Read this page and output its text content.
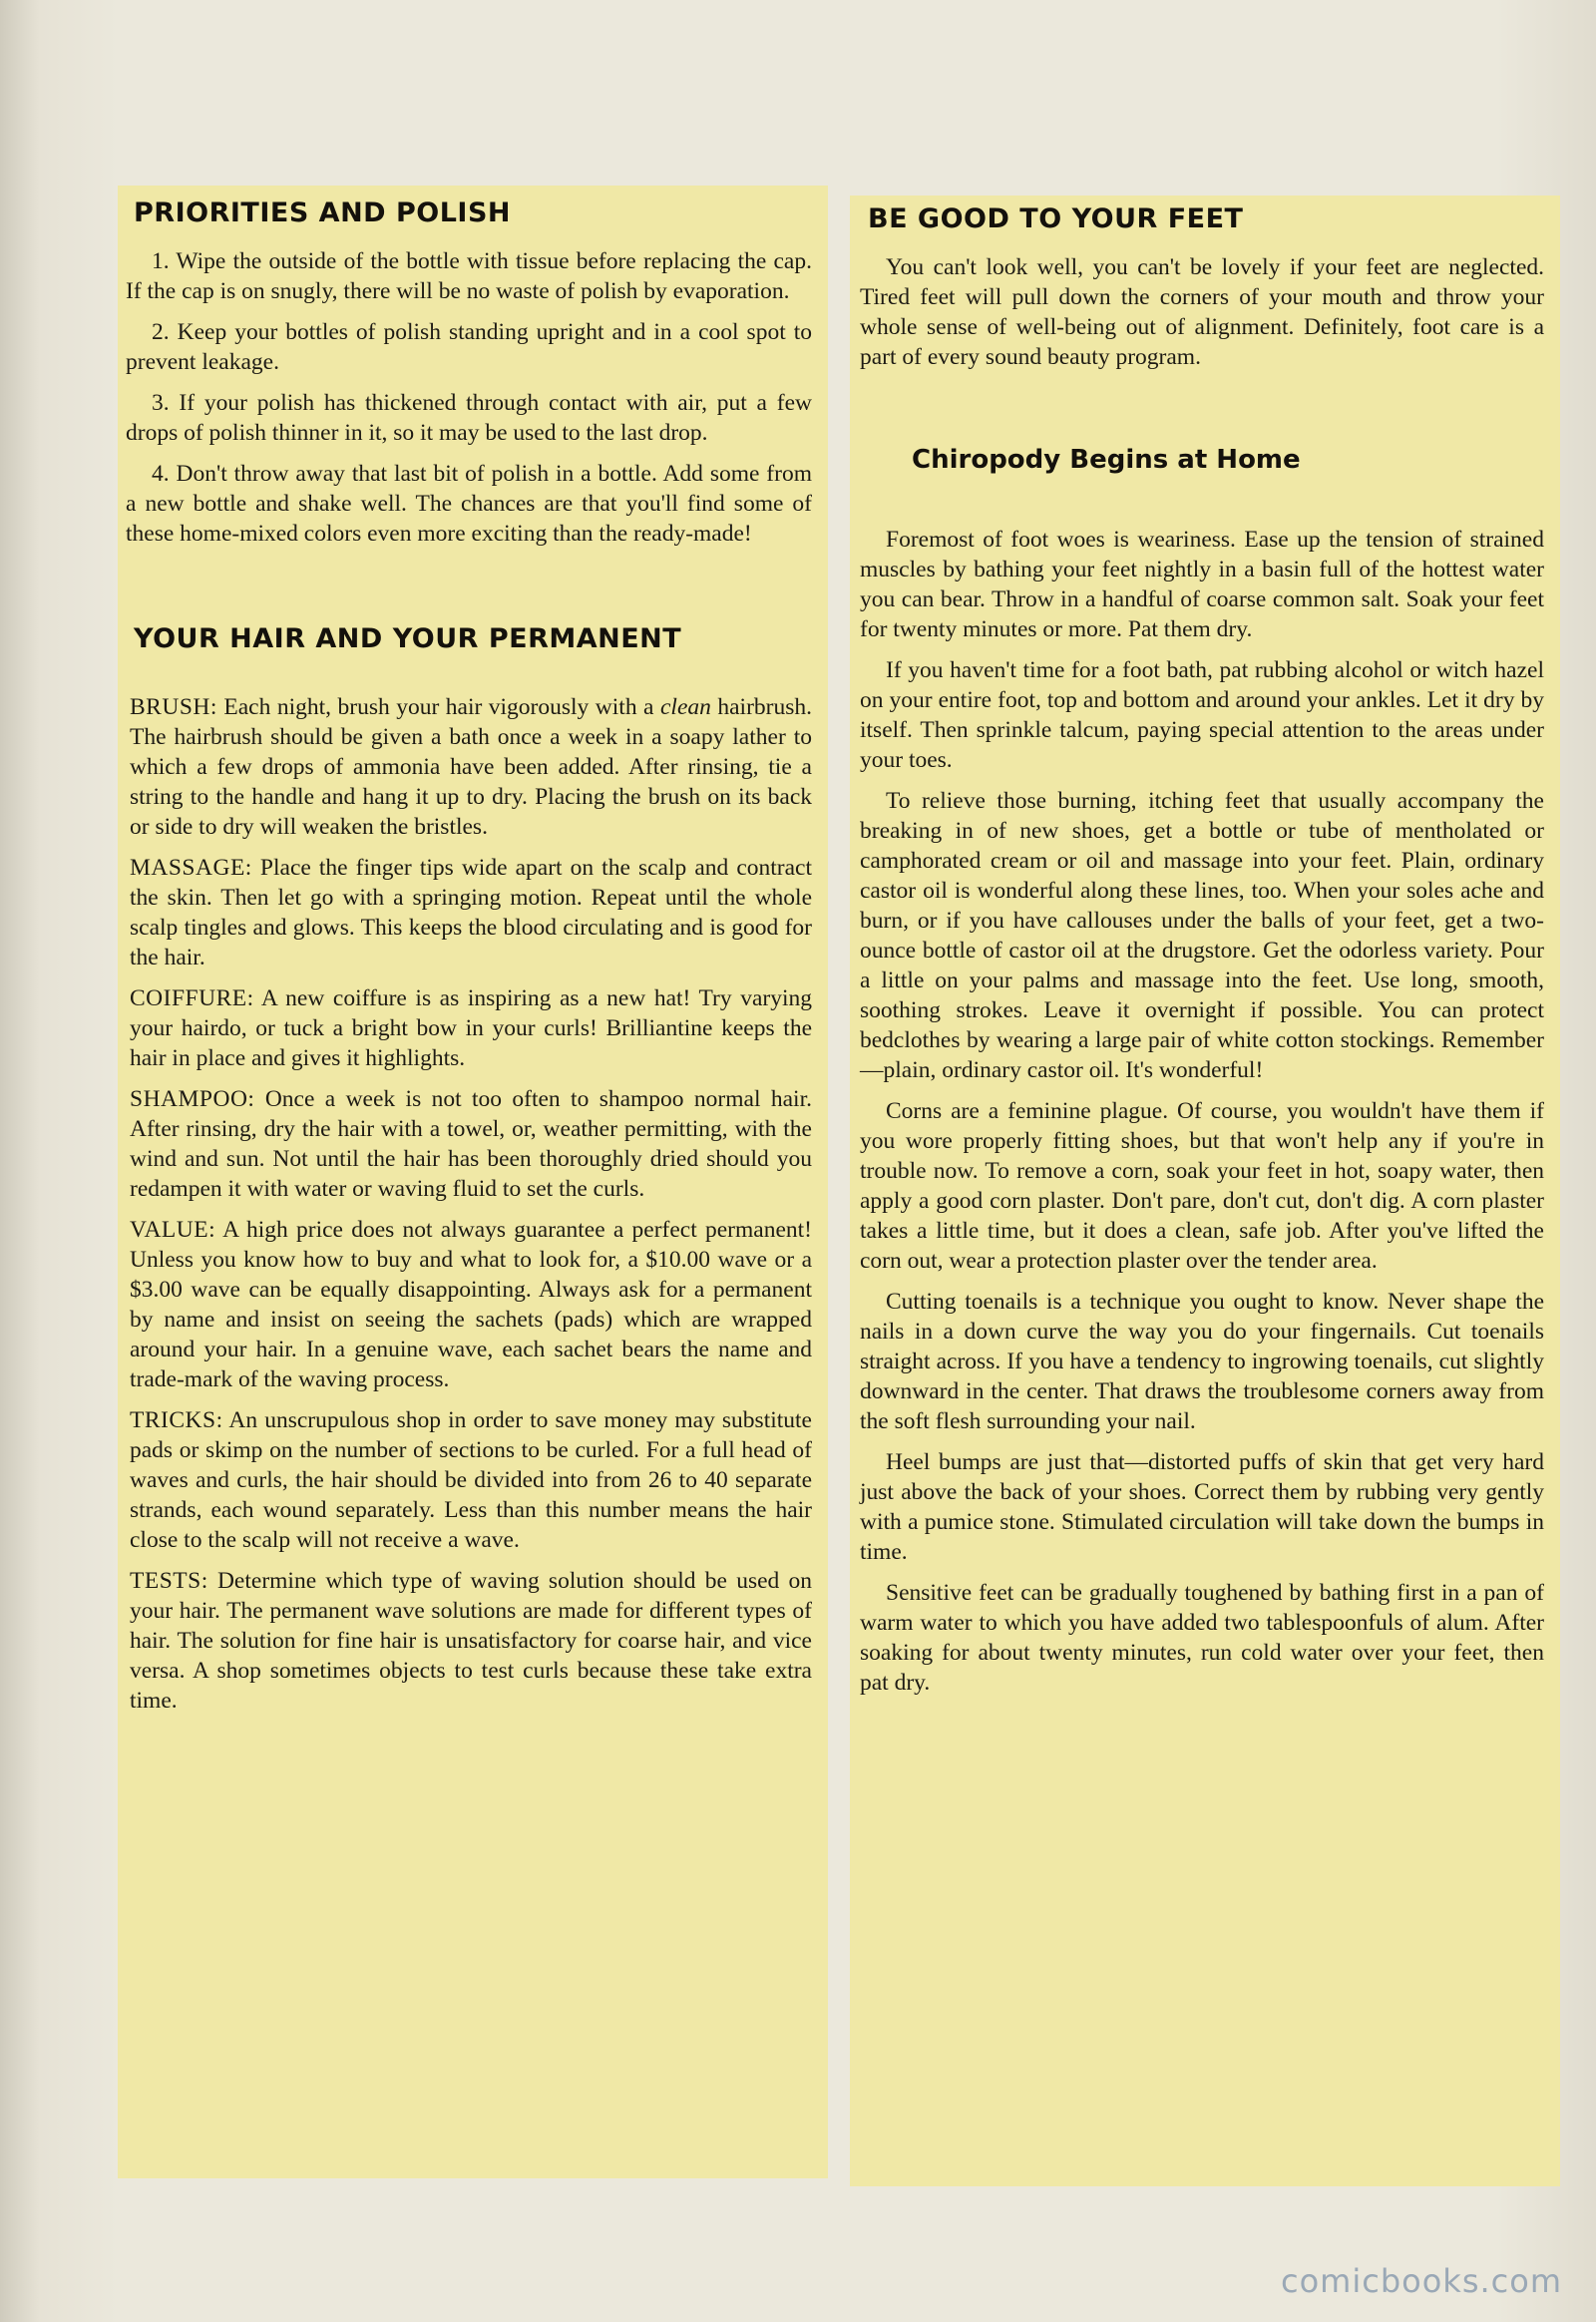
PRIORITIES AND POLISH

1. Wipe the outside of the bottle with tissue before replacing the cap. If the cap is on snugly, there will be no waste of polish by evaporation.

2. Keep your bottles of polish standing upright and in a cool spot to prevent leakage.

3. If your polish has thickened through contact with air, put a few drops of polish thinner in it, so it may be used to the last drop.

4. Don't throw away that last bit of polish in a bottle. Add some from a new bottle and shake well. The chances are that you'll find some of these home-mixed colors even more exciting than the ready-made!

YOUR HAIR AND YOUR PERMANENT

BRUSH: Each night, brush your hair vigorously with a clean hairbrush. The hairbrush should be given a bath once a week in a soapy lather to which a few drops of ammonia have been added. After rinsing, tie a string to the handle and hang it up to dry. Placing the brush on its back or side to dry will weaken the bristles.

MASSAGE: Place the finger tips wide apart on the scalp and contract the skin. Then let go with a springing motion. Repeat until the whole scalp tingles and glows. This keeps the blood circulating and is good for the hair.

COIFFURE: A new coiffure is as inspiring as a new hat! Try varying your hairdo, or tuck a bright bow in your curls! Brilliantine keeps the hair in place and gives it highlights.

SHAMPOO: Once a week is not too often to shampoo normal hair. After rinsing, dry the hair with a towel, or, weather permitting, with the wind and sun. Not until the hair has been thoroughly dried should you redampen it with water or waving fluid to set the curls.

VALUE: A high price does not always guarantee a perfect permanent! Unless you know how to buy and what to look for, a $10.00 wave or a $3.00 wave can be equally disappointing. Always ask for a permanent by name and insist on seeing the sachets (pads) which are wrapped around your hair. In a genuine wave, each sachet bears the name and trade-mark of the waving process.

TRICKS: An unscrupulous shop in order to save money may substitute pads or skimp on the number of sections to be curled. For a full head of waves and curls, the hair should be divided into from 26 to 40 separate strands, each wound separately. Less than this number means the hair close to the scalp will not receive a wave.

TESTS: Determine which type of waving solution should be used on your hair. The permanent wave solutions are made for different types of hair. The solution for fine hair is unsatisfactory for coarse hair, and vice versa. A shop sometimes objects to test curls because these take extra time.

BE GOOD TO YOUR FEET

You can't look well, you can't be lovely if your feet are neglected. Tired feet will pull down the corners of your mouth and throw your whole sense of well-being out of alignment. Definitely, foot care is a part of every sound beauty program.

Chiropody Begins at Home

Foremost of foot woes is weariness. Ease up the tension of strained muscles by bathing your feet nightly in a basin full of the hottest water you can bear. Throw in a handful of coarse common salt. Soak your feet for twenty minutes or more. Pat them dry.

If you haven't time for a foot bath, pat rubbing alcohol or witch hazel on your entire foot, top and bottom and around your ankles. Let it dry by itself. Then sprinkle talcum, paying special attention to the areas under your toes.

To relieve those burning, itching feet that usually accompany the breaking in of new shoes, get a bottle or tube of mentholated or camphorated cream or oil and massage into your feet. Plain, ordinary castor oil is wonderful along these lines, too. When your soles ache and burn, or if you have callouses under the balls of your feet, get a two-ounce bottle of castor oil at the drugstore. Get the odorless variety. Pour a little on your palms and massage into the feet. Use long, smooth, soothing strokes. Leave it overnight if possible. You can protect bedclothes by wearing a large pair of white cotton stockings. Remember —plain, ordinary castor oil. It's wonderful!

Corns are a feminine plague. Of course, you wouldn't have them if you wore properly fitting shoes, but that won't help any if you're in trouble now. To remove a corn, soak your feet in hot, soapy water, then apply a good corn plaster. Don't pare, don't cut, don't dig. A corn plaster takes a little time, but it does a clean, safe job. After you've lifted the corn out, wear a protection plaster over the tender area.

Cutting toenails is a technique you ought to know. Never shape the nails in a down curve the way you do your fingernails. Cut toenails straight across. If you have a tendency to ingrowing toenails, cut slightly downward in the center. That draws the troublesome corners away from the soft flesh surrounding your nail.

Heel bumps are just that—distorted puffs of skin that get very hard just above the back of your shoes. Correct them by rubbing very gently with a pumice stone. Stimulated circulation will take down the bumps in time.

Sensitive feet can be gradually toughened by bathing first in a pan of warm water to which you have added two tablespoonfuls of alum. After soaking for about twenty minutes, run cold water over your feet, then pat dry.

comicbooks.com
